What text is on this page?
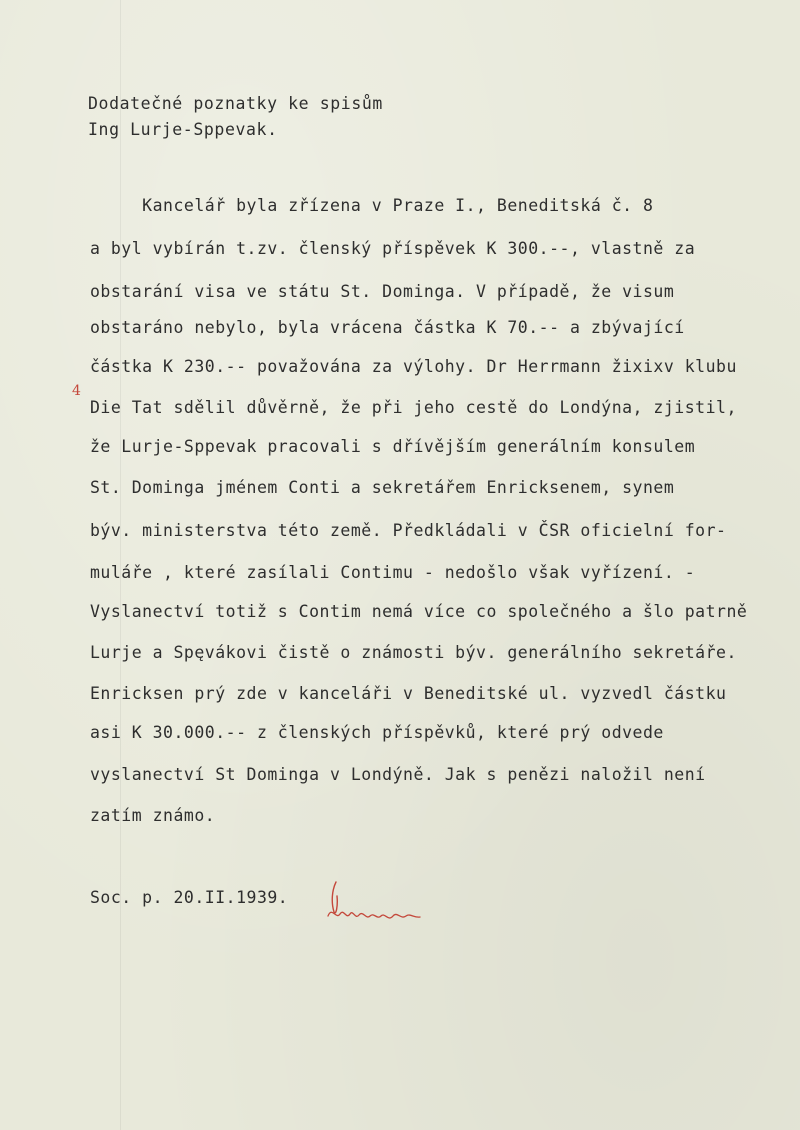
Dodatečné poznatky ke spisům
Ing Lurje-Sppevak.
Kancelář byla zřízena v Praze I., Beneditská č. 8
a byl vybírán t.zv. členský příspěvek K 300.--, vlastně za
obstarání visa ve státu St. Dominga. V případě, že visum
obstaráno nebylo, byla vrácena částka K 70.-- a zbývající
částka K 230.-- považována za výlohy. Dr Herrmann žixixv klubu
Die Tat sdělil důvěrně, že při jeho cestě do Londýna, zjistil,
že Lurje-Sppevak pracovali s dřívějším generálním konsulem
St. Dominga jménem Conti a sekretářem Enricksenem, synem
býv. ministerstva této země. Předkládali v ČSR oficielní for-
muláře , které zasílali Contimu - nedošlo však vyřízení. -
Vyslanectví totiž s Contim nemá více co společného a šlo patrně
Lurje a Spęvákovi čistě o známosti býv. generálního sekretáře.
Enricksen prý zde v kanceláři v Beneditské ul. vyzvedl částku
asi K 30.000.-- z členských příspěvků, které prý odvede
vyslanectví St Dominga v Londýně. Jak s penězi naložil není
zatím známo.
Soc. p. 20.II.1939.
4
